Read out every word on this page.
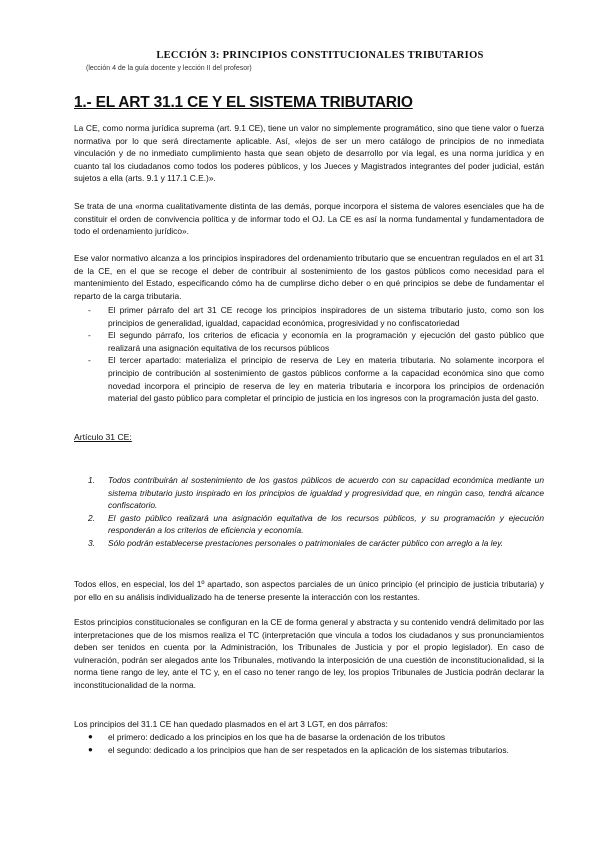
LECCIÓN 3: PRINCIPIOS CONSTITUCIONALES TRIBUTARIOS
(lección 4 de la guía docente y lección II del profesor)
1.- EL ART 31.1 CE Y EL SISTEMA TRIBUTARIO
La CE, como norma jurídica suprema (art. 9.1 CE), tiene un valor no simplemente programático, sino que tiene valor o fuerza normativa por lo que será directamente aplicable. Así, «lejos de ser un mero catálogo de principios de no inmediata vinculación y de no inmediato cumplimiento hasta que sean objeto de desarrollo por vía legal, es una norma jurídica y en cuanto tal los ciudadanos como todos los poderes públicos, y los Jueces y Magistrados integrantes del poder judicial, están sujetos a ella (arts. 9.1 y 117.1 C.E.)».
Se trata de una «norma cualitativamente distinta de las demás, porque incorpora el sistema de valores esenciales que ha de constituir el orden de convivencia política y de informar todo el OJ. La CE es así la norma fundamental y fundamentadora de todo el ordenamiento jurídico».
Ese valor normativo alcanza a los principios inspiradores del ordenamiento tributario que se encuentran regulados en el art 31 de la CE, en el que se recoge el deber de contribuir al sostenimiento de los gastos públicos como necesidad para el mantenimiento del Estado, especificando cómo ha de cumplirse dicho deber o en qué principios se debe de fundamentar el reparto de la carga tributaria.
- El primer párrafo del art 31 CE recoge los principios inspiradores de un sistema tributario justo, como son los principios de generalidad, igualdad, capacidad económica, progresividad y no confiscatoriedad
- El segundo párrafo, los criterios de eficacia y economía en la programación y ejecución del gasto público que realizará una asignación equitativa de los recursos públicos
- El tercer apartado: materializa el principio de reserva de Ley en materia tributaria. No solamente incorpora el principio de contribución al sostenimiento de gastos públicos conforme a la capacidad económica sino que como novedad incorpora el principio de reserva de ley en materia tributaria e incorpora los principios de ordenación material del gasto público para completar el principio de justicia en los ingresos con la programación justa del gasto.
Artículo 31 CE:
1. Todos contribuirán al sostenimiento de los gastos públicos de acuerdo con su capacidad económica mediante un sistema tributario justo inspirado en los principios de igualdad y progresividad que, en ningún caso, tendrá alcance confiscatorio.
2. El gasto público realizará una asignación equitativa de los recursos públicos, y su programación y ejecución responderán a los criterios de eficiencia y economía.
3. Sólo podrán establecerse prestaciones personales o patrimoniales de carácter público con arreglo a la ley.
Todos ellos, en especial, los del 1º apartado, son aspectos parciales de un único principio (el principio de justicia tributaria) y por ello en su análisis individualizado ha de tenerse presente la interacción con los restantes.
Estos principios constitucionales se configuran en la CE de forma general y abstracta y su contenido vendrá delimitado por las interpretaciones que de los mismos realiza el TC (interpretación que vincula a todos los ciudadanos y sus pronunciamientos deben ser tenidos en cuenta por la Administración, los Tribunales de Justicia y por el propio legislador). En caso de vulneración, podrán ser alegados ante los Tribunales, motivando la interposición de una cuestión de inconstitucionalidad, si la norma tiene rango de ley, ante el TC y, en el caso no tener rango de ley, los propios Tribunales de Justicia podrán declarar la inconstitucionalidad de la norma.
Los principios del 31.1 CE han quedado plasmados en el art 3 LGT, en dos párrafos:
● el primero: dedicado a los principios en los que ha de basarse la ordenación de los tributos
● el segundo: dedicado a los principios que han de ser respetados en la aplicación de los sistemas tributarios.
